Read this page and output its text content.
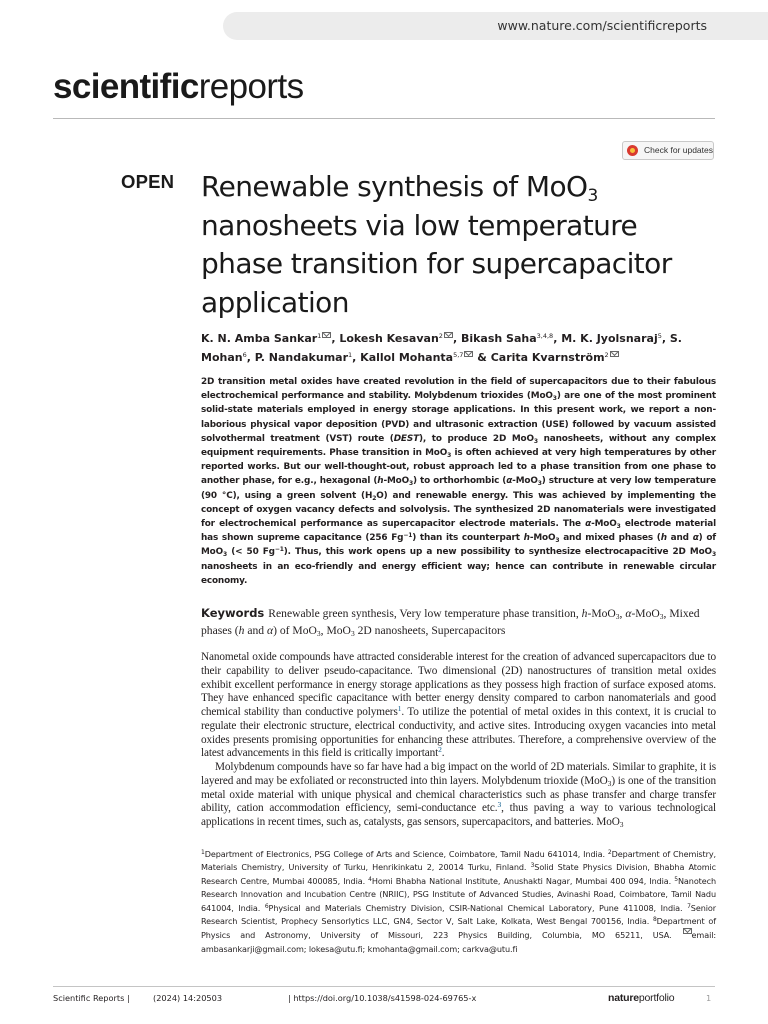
www.nature.com/scientificreports
scientificreports
Check for updates
OPEN Renewable synthesis of MoO$_3$
nanosheets via low temperature phase transition for supercapacitor application
K. N. Amba Sankar$^1$ , Lokesh Kesavan$^2$ , Bikash Saha$^{3,4,8}$, M. K. Jyolsnaraj$^5$, S. Mohan$^6$, P. Nandakumar$^1$, Kallol Mohanta$^{5,7}$ & Carita Kvarnström$^2$
2D transition metal oxides have created revolution in the field of supercapacitors due to their fabulous electrochemical performance and stability. Molybdenum trioxides (MoO$_3$) are one of the most prominent solid-state materials employed in energy storage applications. In this present work, we report a non-laborious physical vapor deposition (PVD) and ultrasonic extraction (USE) followed by vacuum assisted solvothermal treatment (VST) route (DEST), to produce 2D MoO$_3$ nanosheets, without any complex equipment requirements. Phase transition in MoO$_3$ is often achieved at very high temperatures by other reported works. But our well-thought-out, robust approach led to a phase transition from one phase to another phase, for e.g., hexagonal (h-MoO$_3$) to orthorhombic (α-MoO$_3$) structure at very low temperature (90 °C), using a green solvent $(H_2O)$ and renewable energy. This was achieved by implementing the concept of oxygen vacancy defects and solvolysis. The synthesized 2D nanomaterials were investigated for electrochemical performance as supercapacitor electrode materials. The α-MoO$_3$ electrode material has shown supreme capacitance (256 $Fg^{-1}$) than its counterpart h-MoO$_3$ and mixed phases (h and α) of MoO$_3$ (< 50 $Fg^{-1}$). Thus, this work opens up a new possibility to synthesize electrocapacitive 2D MoO$_3$ nanosheets in an eco-friendly and energy efficient way; hence can contribute in renewable circular economy.
Keywords Renewable green synthesis, Very low temperature phase transition, h-MoO$_3$, α-MoO$_3$, Mixed phases (h and α) of MoO$_3$, MoO$_3$ 2D nanosheets, Supercapacitors

Nanometal oxide compounds have attracted considerable interest for the creation of advanced supercapacitors due to their capability to deliver pseudo-capacitance. Two dimensional (2D) nanostructures of transition metal oxides exhibit excellent performance in energy storage applications as they possess high fraction of surface exposed atoms. They have enhanced specific capacitance with better energy density compared to carbon nanomaterials and good chemical stability than conductive polymers$^1$. To utilize the potential of metal oxides in this context, it is crucial to regulate their electronic structure, electrical conductivity, and active sites. Introducing oxygen vacancies into metal oxides presents promising opportunities for enhancing these attributes. Therefore, a comprehensive overview of the latest advancements in this field is critically important$^2$.

Molybdenum compounds have so far have had a big impact on the world of 2D materials. Similar to graphite, it is layered and may be exfoliated or reconstructed into thin layers. Molybdenum trioxide (MoO$_3$) is one of the transition metal oxide material with unique physical and chemical characteristics such as phase transfer and charge transfer ability, cation accommodation efficiency, semi-conductance etc.$^3$, thus paving a way to various technological applications in recent times, such as, catalysts, gas sensors, supercapacitors, and batteries. MoO$_3$

$^1$Department of Electronics, PSG College of Arts and Science, Coimbatore, Tamil Nadu 641014, India. $^2$Department of Chemistry, Materials Chemistry, University of Turku, Henrikinkatu 2, 20014 Turku, Finland. $^3$Solid State Physics Division, Bhabha Atomic Research Centre, Mumbai 400085, India. $^4$Homi Bhabha National Institute, Anushakti Nagar, Mumbai 400 094, India. $^5$Nanotech Research Innovation and Incubation Centre (NRIIC), PSG Institute of Advanced Studies, Avinashi Road, Coimbatore, Tamil Nadu 641004, India. $^6$Physical and Materials Chemistry Division, CSIR-National Chemical Laboratory, Pune 411008, India. $^7$Senior Research Scientist, Prophecy Sensorlytics LLC, GN4, Sector V, Salt Lake, Kolkata, West Bengal 700156, India. $^8$Department of Physics and Astronomy, University of Missouri, 223 Physics Building, Columbia, MO 65211, USA. email: ambasankarji@gmail.com; lokesa@utu.fi; kmohanta@gmail.com; carkva@utu.fi
Scientific Reports |	(2024) 14:20503	| https://doi.org/10.1038/s41598-024-69765-x	natureportfolio	1
